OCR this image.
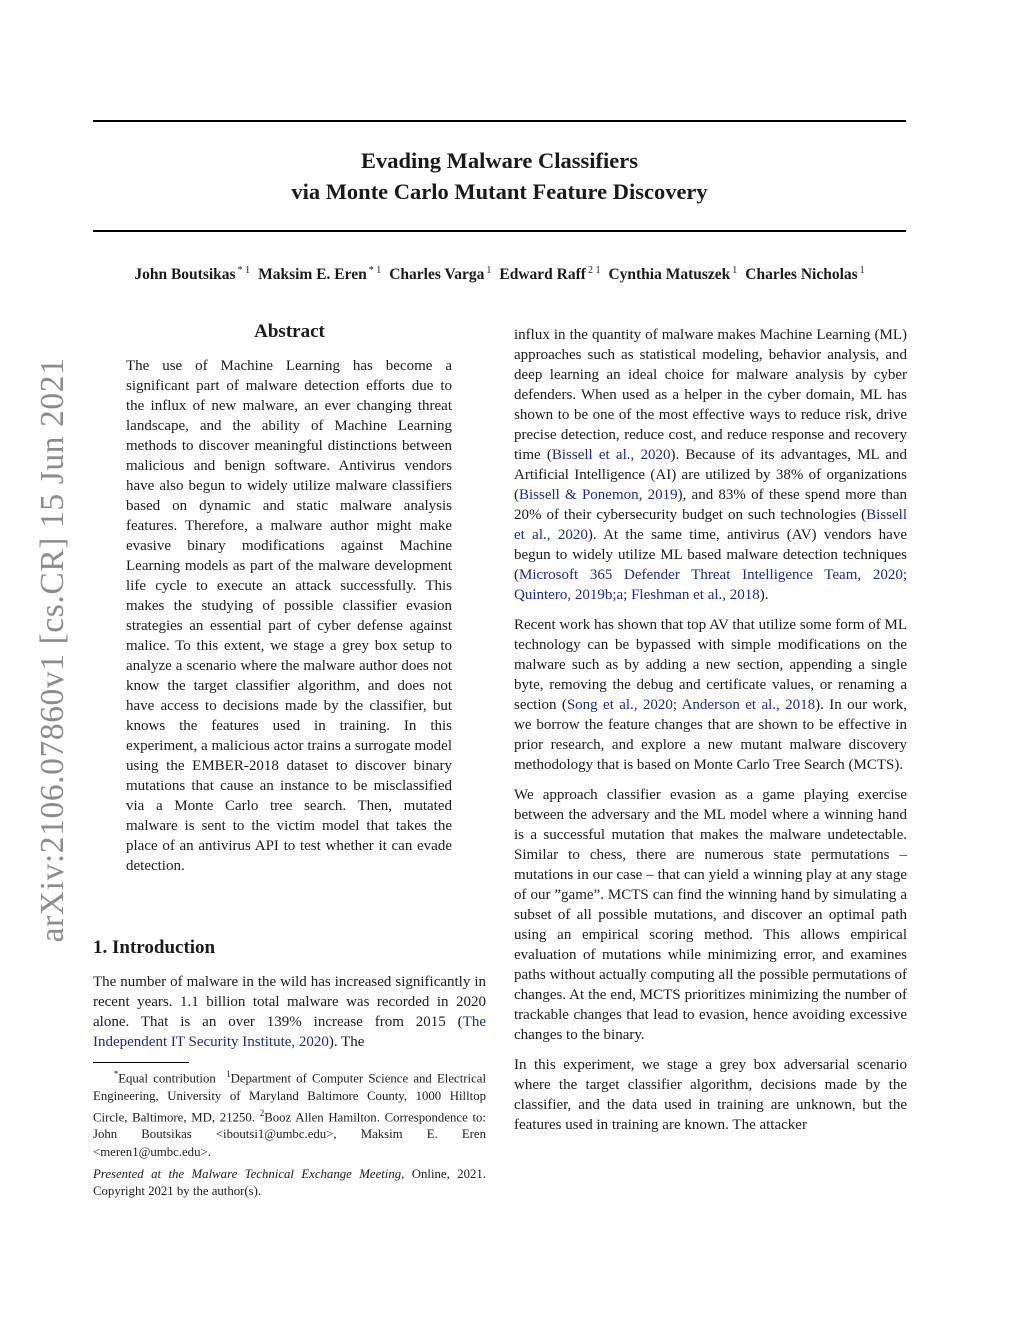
Evading Malware Classifiers
via Monte Carlo Mutant Feature Discovery
John Boutsikas $^{* 1}$ Maksim E. Eren $^{* 1}$ Charles Varga $^1$ Edward Raff $^{2 1}$ Cynthia Matuszek $^1$ Charles Nicholas $^1$
arXiv:2106.07860v1 [cs.CR] 15 Jun 2021
Abstract
The use of Machine Learning has become a significant part of malware detection efforts due to the influx of new malware, an ever changing threat landscape, and the ability of Machine Learning methods to discover meaningful distinctions between malicious and benign software. Antivirus vendors have also begun to widely utilize malware classifiers based on dynamic and static malware analysis features. Therefore, a malware author might make evasive binary modifications against Machine Learning models as part of the malware development life cycle to execute an attack successfully. This makes the studying of possible classifier evasion strategies an essential part of cyber defense against malice. To this extent, we stage a grey box setup to analyze a scenario where the malware author does not know the target classifier algorithm, and does not have access to decisions made by the classifier, but knows the features used in training. In this experiment, a malicious actor trains a surrogate model using the EMBER-2018 dataset to discover binary mutations that cause an instance to be misclassified via a Monte Carlo tree search. Then, mutated malware is sent to the victim model that takes the place of an antivirus API to test whether it can evade detection.
1. Introduction
The number of malware in the wild has increased significantly in recent years. 1.1 billion total malware was recorded in 2020 alone. That is an over 139% increase from 2015 (The Independent IT Security Institute, 2020). The
*Equal contribution  $^1$Department of Computer Science and Electrical Engineering, University of Maryland Baltimore County, 1000 Hilltop Circle, Baltimore, MD, 21250. $^2$Booz Allen Hamilton. Correspondence to: John Boutsikas <iboutsi1@umbc.edu>, Maksim E. Eren <meren1@umbc.edu>.
Presented at the Malware Technical Exchange Meeting, Online, 2021. Copyright 2021 by the author(s).

influx in the quantity of malware makes Machine Learning (ML) approaches such as statistical modeling, behavior analysis, and deep learning an ideal choice for malware analysis by cyber defenders. When used as a helper in the cyber domain, ML has shown to be one of the most effective ways to reduce risk, drive precise detection, reduce cost, and reduce response and recovery time (Bissell et al., 2020). Because of its advantages, ML and Artificial Intelligence (AI) are utilized by 38% of organizations (Bissell & Ponemon, 2019), and 83% of these spend more than 20% of their cybersecurity budget on such technologies (Bissell et al., 2020). At the same time, antivirus (AV) vendors have begun to widely utilize ML based malware detection techniques (Microsoft 365 Defender Threat Intelligence Team, 2020; Quintero, 2019b;a; Fleshman et al., 2018).

Recent work has shown that top AV that utilize some form of ML technology can be bypassed with simple modifications on the malware such as by adding a new section, appending a single byte, removing the debug and certificate values, or renaming a section (Song et al., 2020; Anderson et al., 2018). In our work, we borrow the feature changes that are shown to be effective in prior research, and explore a new mutant malware discovery methodology that is based on Monte Carlo Tree Search (MCTS).

We approach classifier evasion as a game playing exercise between the adversary and the ML model where a winning hand is a successful mutation that makes the malware undetectable. Similar to chess, there are numerous state permutations – mutations in our case – that can yield a winning play at any stage of our ”game”. MCTS can find the winning hand by simulating a subset of all possible mutations, and discover an optimal path using an empirical scoring method. This allows empirical evaluation of mutations while minimizing error, and examines paths without actually computing all the possible permutations of changes. At the end, MCTS prioritizes minimizing the number of trackable changes that lead to evasion, hence avoiding excessive changes to the binary.

In this experiment, we stage a grey box adversarial scenario where the target classifier algorithm, decisions made by the classifier, and the data used in training are unknown, but the features used in training are known. The attacker
